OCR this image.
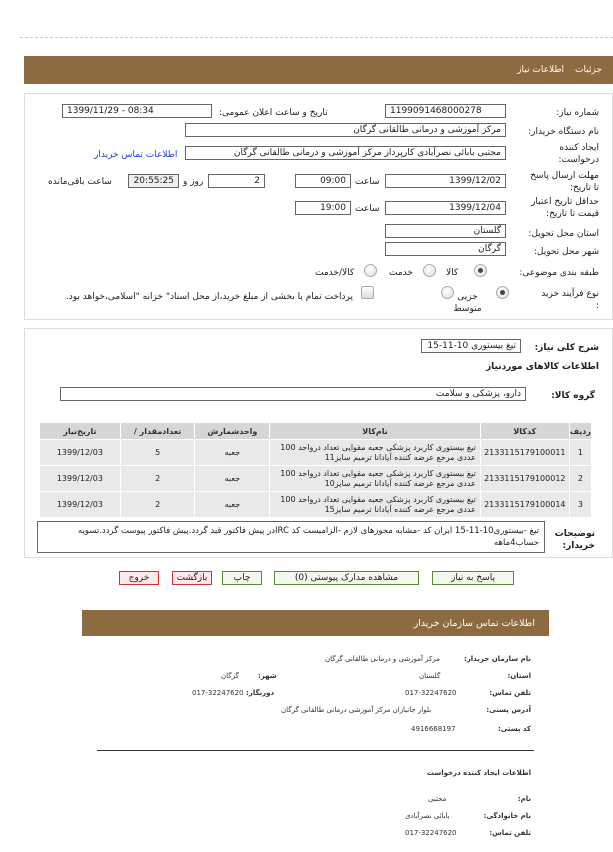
جزئیات
اطلاعات نیاز
شماره نیاز:
1199091468000278
تاریخ و ساعت اعلان عمومی:
1399/11/29 - 08:34
نام دستگاه خریدار:
مرکز آموزشی و درمانی طالقانی گرگان
ایجاد کننده درخواست:
مجتبی بابائی نصرآبادی کارپرداز مرکز آموزشی و درمانی طالقانی گرگان
اطلاعات تماس خریدار
مهلت ارسال پاسخ تا تاریخ:
1399/12/02
ساعت
09:00
2
روز و
20:55:25
ساعت باقی‌مانده
حداقل تاریخ اعتبار قیمت تا تاریخ:
1399/12/04
ساعت
19:00
استان محل تحویل:
گلستان
شهر محل تحویل:
گرگان
طبقه بندی موضوعی:
کالا
خدمت
کالا/خدمت
نوع فرآیند خرید :
جزیی متوسط
پرداخت تمام یا بخشی از مبلغ خرید،از محل اسناد" خزانه "اسلامی،خواهد بود.
شرح کلی نیاز:
تیغ بیستوری 10-11-15
اطلاعات کالاهای موردنیاز
گروه کالا:
دارو، پزشکی و سلامت
ردیف	کدکالا	نام‌کالا	واحدشمارش	تعدادمقدار /	تاریخ‌نیاز
1	2133115179100011	تیغ بیستوری کاربرد پزشکی جعبه مقوایی تعداد درواحد 100 عددی مرجع عرضه کننده آیادانا ترمیم سایز11	جعبه	5	1399/12/03
2	2133115179100012	تیغ بیستوری کاربرد پزشکی جعبه مقوایی تعداد درواحد 100 عددی مرجع عرضه کننده آیادانا ترمیم سایز10	جعبه	2	1399/12/03
3	2133115179100014	تیغ بیستوری کاربرد پزشکی جعبه مقوایی تعداد درواحد 100 عددی مرجع عرضه کننده آیادانا ترمیم سایز15	جعبه	2	1399/12/03
توضیحات خریدار:
تیغ -بیستوری10-11-15 ایران کد -مشابه مجوزهای لازم -الزامیست کد IRCدر پیش فاکتور قید گردد.پیش فاکتور پیوست گردد.تسویه حساب4ماهه
پاسخ به نیاز
مشاهده مدارک پیوستی (0)
چاپ
بازگشت
خروج
اطلاعات تماس سازمان خریدار
نام سازمان خریدار:
مرکز آموزشی و درمانی طالقانی گرگان
استان:
گلستان
شهر:
گرگان
تلفن تماس:
017-32247620
دورنگار:
017-32247620
آدرس پستی:
بلوار جانبازان مرکز آموزشی درمانی طالقانی گرگان
کد پستی:
4916668197
اطلاعات ایجاد کننده درخواست
نام:
مجتبی
نام خانوادگی:
بابائی نصرآبادی
تلفن تماس:
017-32247620
